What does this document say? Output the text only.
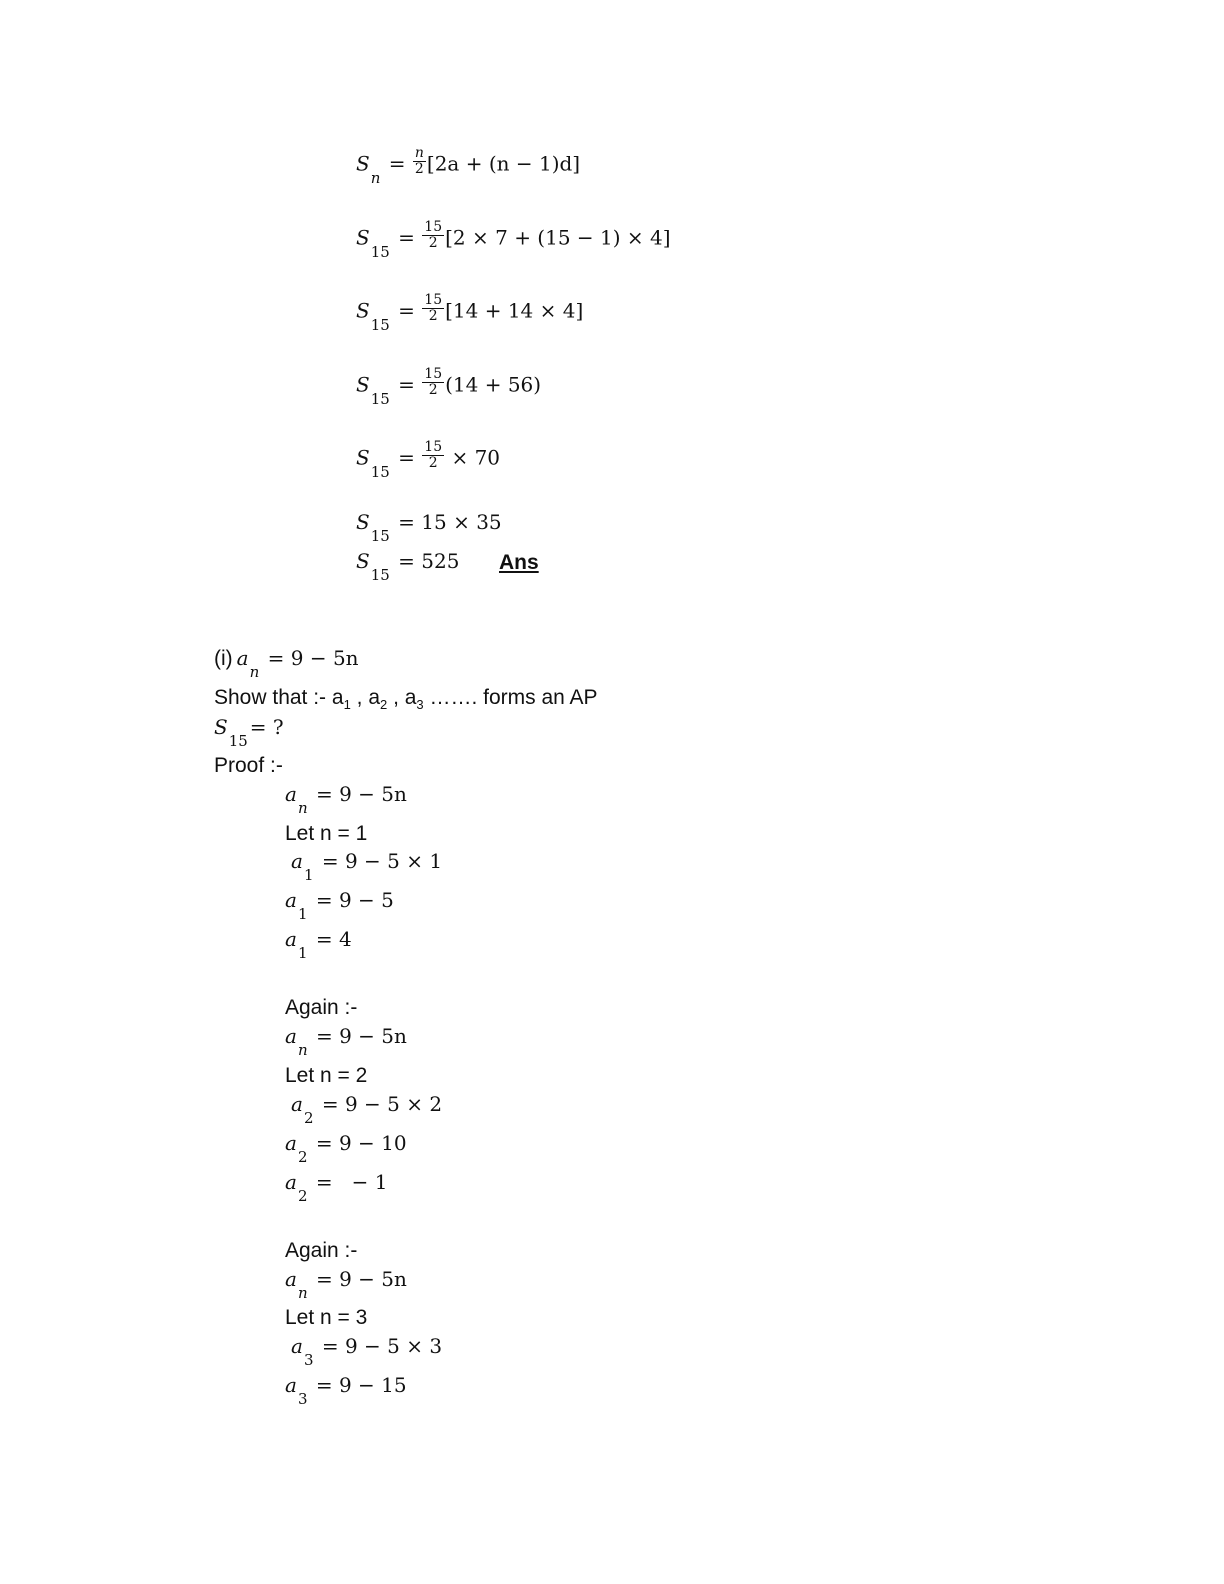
$S_n = \frac{n}{2} [2a + (n - 1)d]$
$S_{15} = \frac{15}{2} [2 \times 7 + (15 - 1) \times 4]$
$S_{15} = \frac{15}{2} [14 + 14 \times 4]$
$S_{15} = \frac{15}{2} (14 + 56)$
$S_{15} = \frac{15}{2} \times 70$
$S_{15} = 15 \times 35$
$S_{15} = 525$ Ans
(i) $a_n = 9 - 5n$
Show that :- $a_1$ , $a_2$ , $a_3$ ……. forms an AP
$S_{15}=$ ?
Proof :-
$a_n = 9 - 5n$
Let n = 1
$a_1 = 9 - 5 \times 1$
$a_1 = 9 - 5$
$a_1 = 4$
Again :-
$a_n = 9 - 5n$
Let n = 2
$a_2 = 9 - 5 \times 2$
$a_2 = 9 - 10$
$a_2$ =   − 1
Again :-
$a_n = 9 - 5n$
Let n = 3
$a_3 = 9 - 5 \times 3$
$a_3 = 9 - 15$
